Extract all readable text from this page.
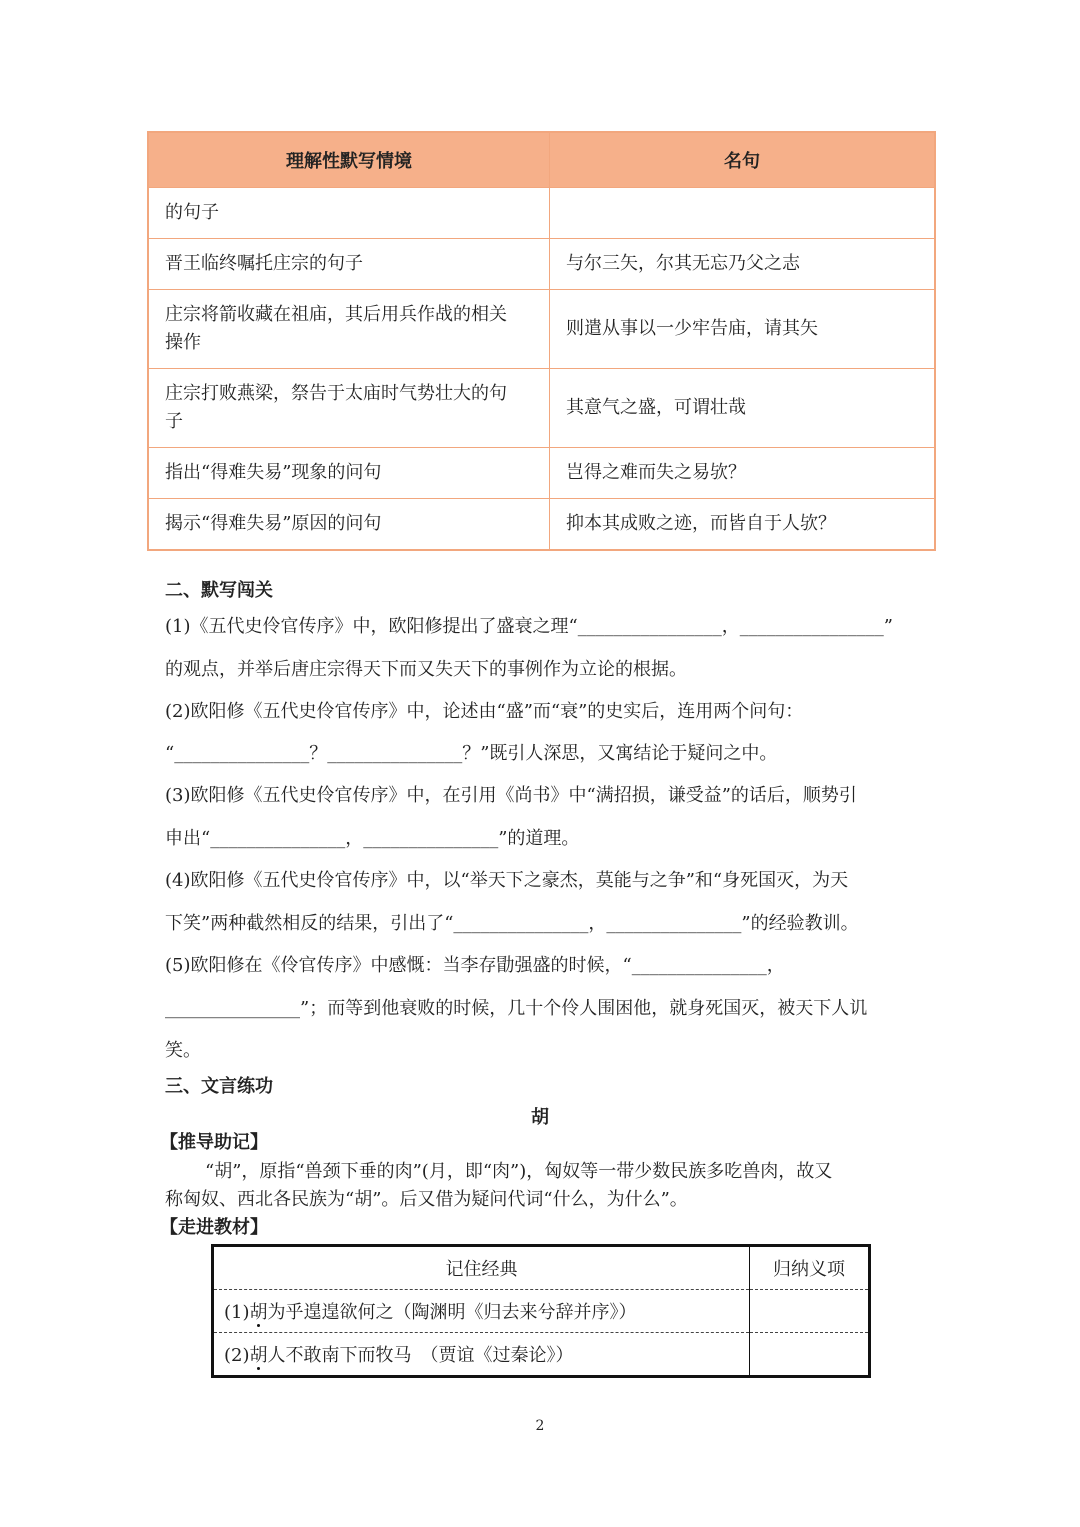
理解性默写情境	名句
的句子	
晋王临终嘱托庄宗的句子	与尔三矢，尔其无忘乃父之志
庄宗将箭收藏在祖庙，其后用兵作战的相关
操作	则遣从事以一少牢告庙，请其矢
庄宗打败燕梁，祭告于太庙时气势壮大的句
子	其意气之盛，可谓壮哉
指出“得难失易”现象的问句	岂得之难而失之易欤？
揭示“得难失易”原因的问句	抑本其成败之迹，而皆自于人欤？
二、默写闯关
(1)《五代史伶官传序》中，欧阳修提出了盛衰之理“________________，________________”
的观点，并举后唐庄宗得天下而又失天下的事例作为立论的根据。
(2)欧阳修《五代史伶官传序》中，论述由“盛”而“衰”的史实后，连用两个问句：
“_______________？_______________？”既引人深思，又寓结论于疑问之中。
(3)欧阳修《五代史伶官传序》中，在引用《尚书》中“满招损，谦受益”的话后，顺势引
申出“_______________，_______________”的道理。
(4)欧阳修《五代史伶官传序》中，以“举天下之豪杰，莫能与之争”和“身死国灭，为天
下笑”两种截然相反的结果，引出了“_______________，_______________”的经验教训。
(5)欧阳修在《伶官传序》中感慨：当李存勖强盛的时候，“_______________，
_______________”；而等到他衰败的时候，几十个伶人围困他，就身死国灭，被天下人讥
笑。
三、文言练功
胡
【推导助记】
“胡”，原指“兽颈下垂的肉”(月，即“肉”)，匈奴等一带少数民族多吃兽肉，故又
称匈奴、西北各民族为“胡”。后又借为疑问代词“什么，为什么”。
【走进教材】
记住经典	归纳义项
(1)胡为乎遑遑欲何之（陶渊明《归去来兮辞并序》）	
(2)胡人不敢南下而牧马　（贾谊《过秦论》）	
2
